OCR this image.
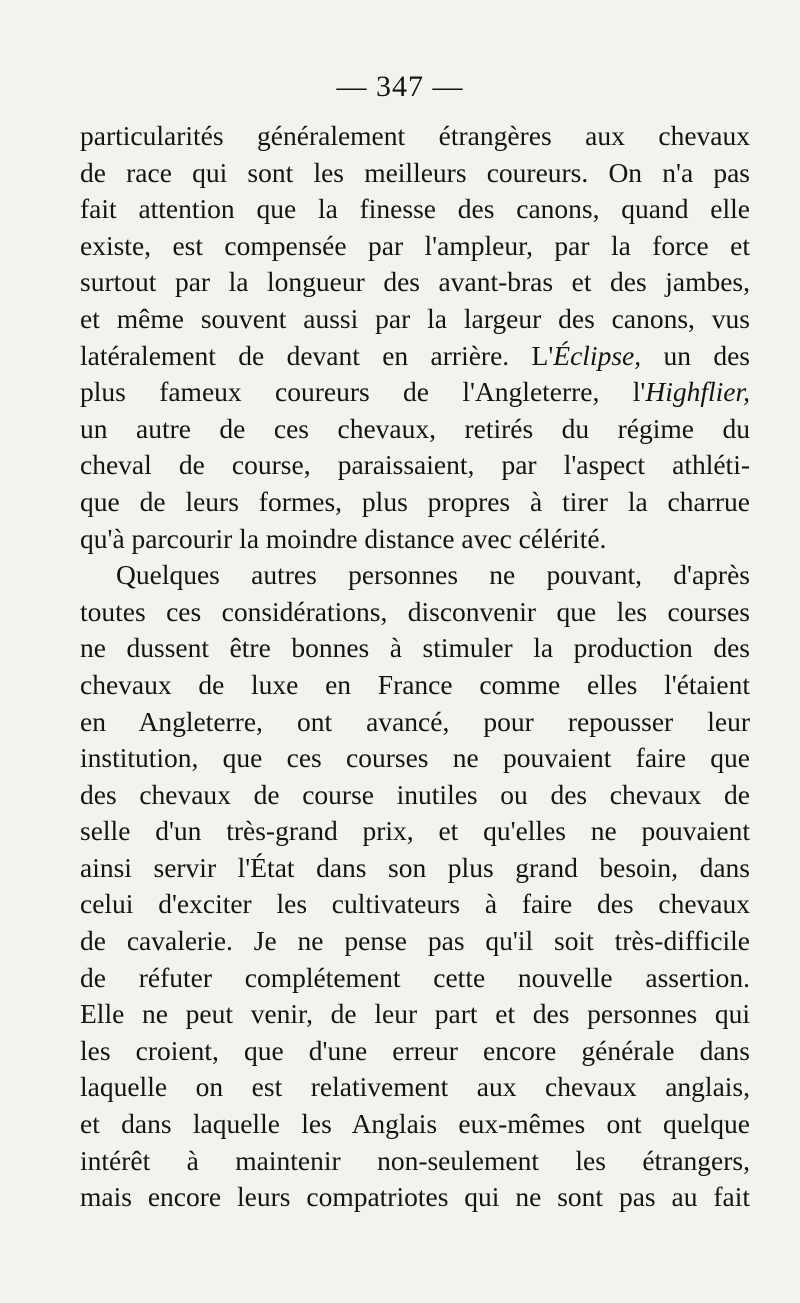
— 347 —
particularités généralement étrangères aux chevaux
de race qui sont les meilleurs coureurs. On n'a pas
fait attention que la finesse des canons, quand elle
existe, est compensée par l'ampleur, par la force et
surtout par la longueur des avant-bras et des jambes,
et même souvent aussi par la largeur des canons, vus
latéralement de devant en arrière. L'Éclipse, un des
plus fameux coureurs de l'Angleterre, l'Highflier,
un autre de ces chevaux, retirés du régime du
cheval de course, paraissaient, par l'aspect athléti-
que de leurs formes, plus propres à tirer la charrue
qu'à parcourir la moindre distance avec célérité.
Quelques autres personnes ne pouvant, d'après
toutes ces considérations, disconvenir que les courses
ne dussent être bonnes à stimuler la production des
chevaux de luxe en France comme elles l'étaient
en Angleterre, ont avancé, pour repousser leur
institution, que ces courses ne pouvaient faire que
des chevaux de course inutiles ou des chevaux de
selle d'un très-grand prix, et qu'elles ne pouvaient
ainsi servir l'État dans son plus grand besoin, dans
celui d'exciter les cultivateurs à faire des chevaux
de cavalerie. Je ne pense pas qu'il soit très-difficile
de réfuter complétement cette nouvelle assertion.
Elle ne peut venir, de leur part et des personnes qui
les croient, que d'une erreur encore générale dans
laquelle on est relativement aux chevaux anglais,
et dans laquelle les Anglais eux-mêmes ont quelque
intérêt à maintenir non-seulement les étrangers,
mais encore leurs compatriotes qui ne sont pas au fait
